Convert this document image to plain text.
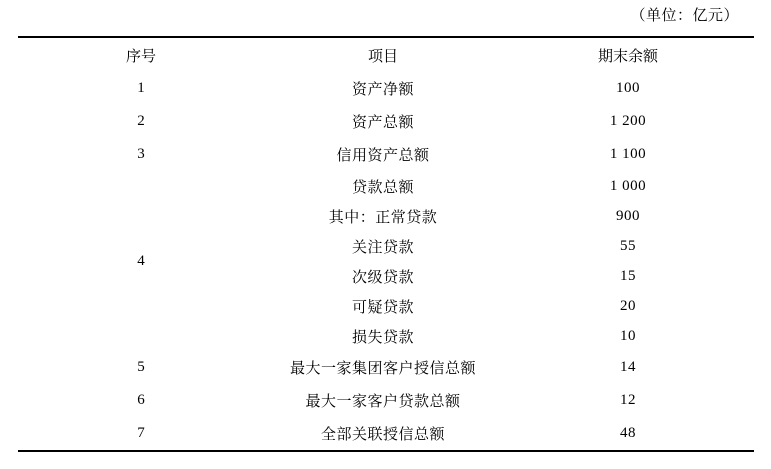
（单位：亿元）
序号	项目	期末余额
1	资产净额	100
2	资产总额	1 200
3	信用资产总额	1 100
4	贷款总额	1 000
	其中：正常贷款	900
	关注贷款	55
	次级贷款	15
	可疑贷款	20
	损失贷款	10
5	最大一家集团客户授信总额	14
6	最大一家客户贷款总额	12
7	全部关联授信总额	48
